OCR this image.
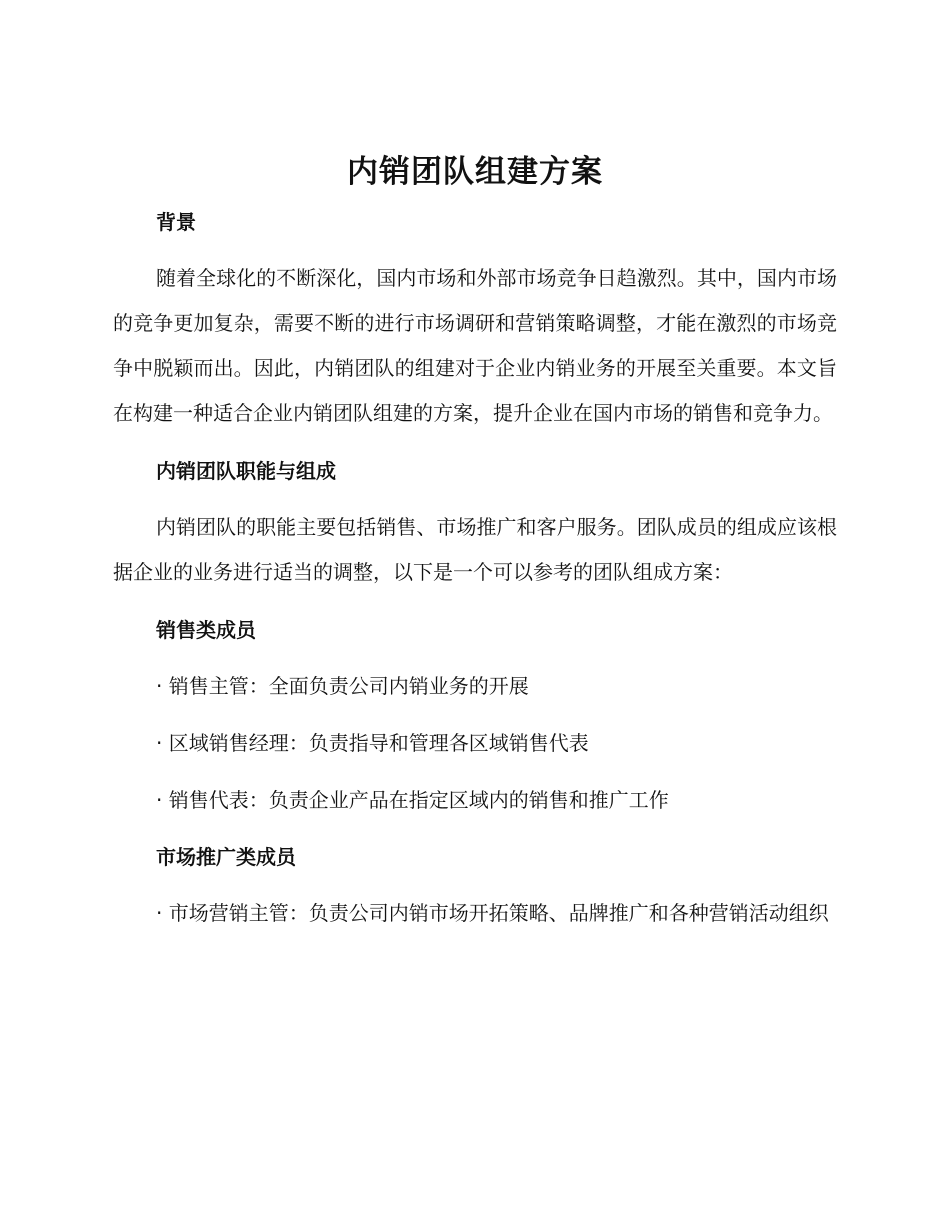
内销团队组建方案
背景

随着全球化的不断深化，国内市场和外部市场竞争日趋激烈。其中，国内市场的竞争更加复杂，需要不断的进行市场调研和营销策略调整，才能在激烈的市场竞争中脱颖而出。因此，内销团队的组建对于企业内销业务的开展至关重要。本文旨在构建一种适合企业内销团队组建的方案，提升企业在国内市场的销售和竞争力。

内销团队职能与组成

内销团队的职能主要包括销售、市场推广和客户服务。团队成员的组成应该根据企业的业务进行适当的调整，以下是一个可以参考的团队组成方案：

销售类成员

· 销售主管：全面负责公司内销业务的开展

· 区域销售经理：负责指导和管理各区域销售代表

· 销售代表：负责企业产品在指定区域内的销售和推广工作

市场推广类成员

· 市场营销主管：负责公司内销市场开拓策略、品牌推广和各种营销活动组织
